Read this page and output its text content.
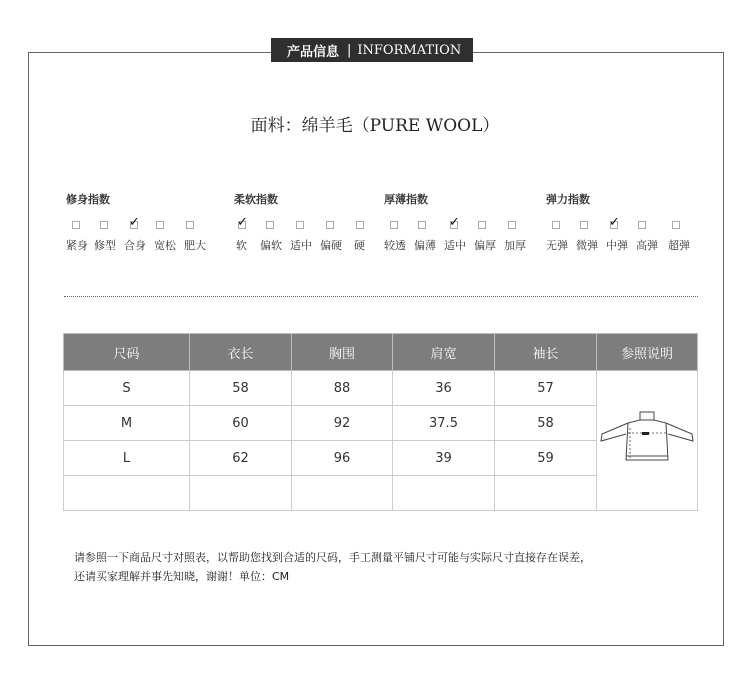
产品信息 | INFORMATION
面料：绵羊毛（PURE WOOL）
修身指数
紧身 修型
✓
合身 宽松 肥大
柔软指数
✓
软 偏软 适中 偏硬 硬
厚薄指数
较透 偏薄
✓
适中 偏厚 加厚
弹力指数
无弹 微弹
✓
中弹 高弹 超弹
尺码	衣长	胸围	肩宽	袖长	参照说明
S	58	88	36	57	
M	60	92	37.5	58	
L	62	96	39	59	

请参照一下商品尺寸对照表，以帮助您找到合适的尺码，手工测量平铺尺寸可能与实际尺寸直接存在误差，
还请买家理解并事先知晓，谢谢！单位：CM
